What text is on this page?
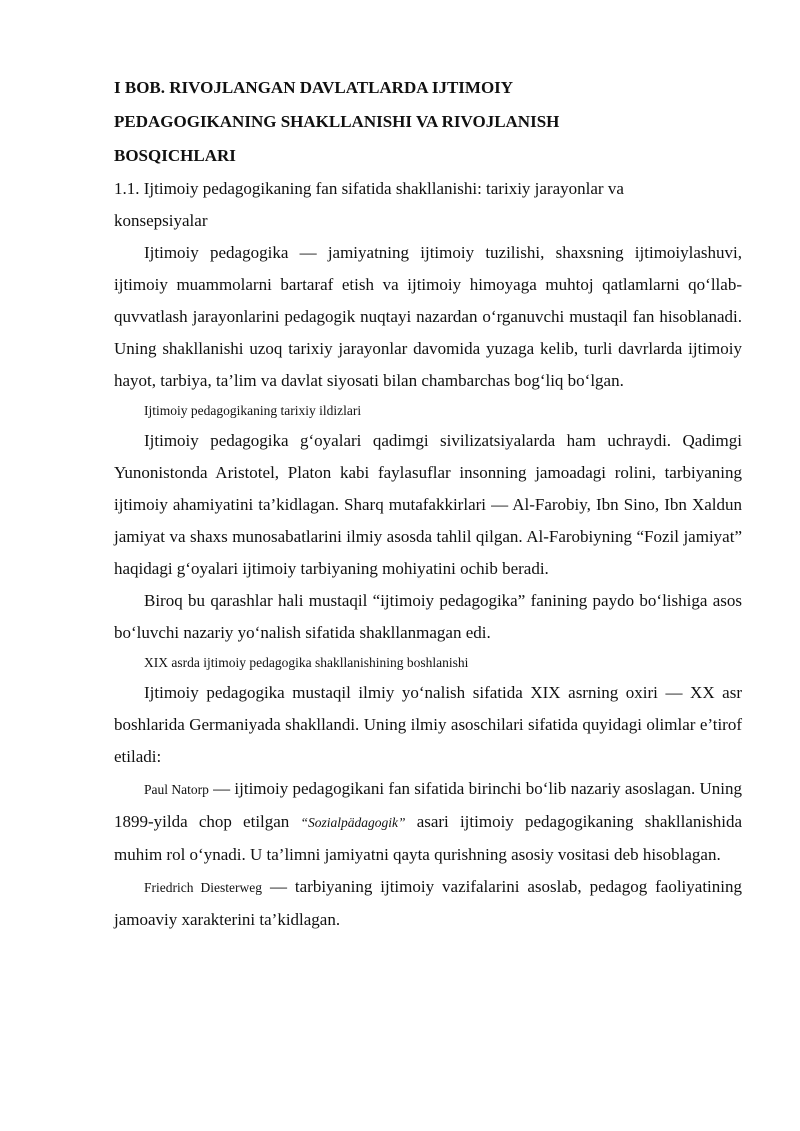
I BOB. RIVOJLANGAN DAVLATLARDA IJTIMOIY PEDAGOGIKANING SHAKLLANISHI VA RIVOJLANISH BOSQICHLARI
1.1. Ijtimoiy pedagogikaning fan sifatida shakllanishi: tarixiy jarayonlar va konsepsiyalar

Ijtimoiy pedagogika — jamiyatning ijtimoiy tuzilishi, shaxsning ijtimoiylashuvi, ijtimoiy muammolarni bartaraf etish va ijtimoiy himoyaga muhtoj qatlamlarni qo‘llab-quvvatlash jarayonlarini pedagogik nuqtayi nazardan o‘rganuvchi mustaqil fan hisoblanadi. Uning shakllanishi uzoq tarixiy jarayonlar davomida yuzaga kelib, turli davrlarda ijtimoiy hayot, tarbiya, ta’lim va davlat siyosati bilan chambarchas bog‘liq bo‘lgan.

Ijtimoiy pedagogikaning tarixiy ildizlari

Ijtimoiy pedagogika g‘oyalari qadimgi sivilizatsiyalarda ham uchraydi. Qadimgi Yunonistonda Aristotel, Platon kabi faylasuflar insonning jamoadagi rolini, tarbiyaning ijtimoiy ahamiyatini ta’kidlagan. Sharq mutafakkirlari — Al-Farobiy, Ibn Sino, Ibn Xaldun jamiyat va shaxs munosabatlarini ilmiy asosda tahlil qilgan. Al-Farobiyning “Fozil jamiyat” haqidagi g‘oyalari ijtimoiy tarbiyaning mohiyatini ochib beradi.

Biroq bu qarashlar hali mustaqil “ijtimoiy pedagogika” fanining paydo bo‘lishiga asos bo‘luvchi nazariy yo‘nalish sifatida shakllanmagan edi.

XIX asrda ijtimoiy pedagogika shakllanishining boshlanishi

Ijtimoiy pedagogika mustaqil ilmiy yo‘nalish sifatida XIX asrning oxiri — XX asr boshlarida Germaniyada shakllandi. Uning ilmiy asoschilari sifatida quyidagi olimlar e’tirof etiladi:

Paul Natorp — ijtimoiy pedagogikani fan sifatida birinchi bo‘lib nazariy asoslagan. Uning 1899-yilda chop etilgan “Sozialpädagogik” asari ijtimoiy pedagogikaning shakllanishida muhim rol o‘ynadi. U ta’limni jamiyatni qayta qurishning asosiy vositasi deb hisoblagan.

Friedrich Diesterweg — tarbiyaning ijtimoiy vazifalarini asoslab, pedagog faoliyatining jamoaviy xarakterini ta’kidlagan.
